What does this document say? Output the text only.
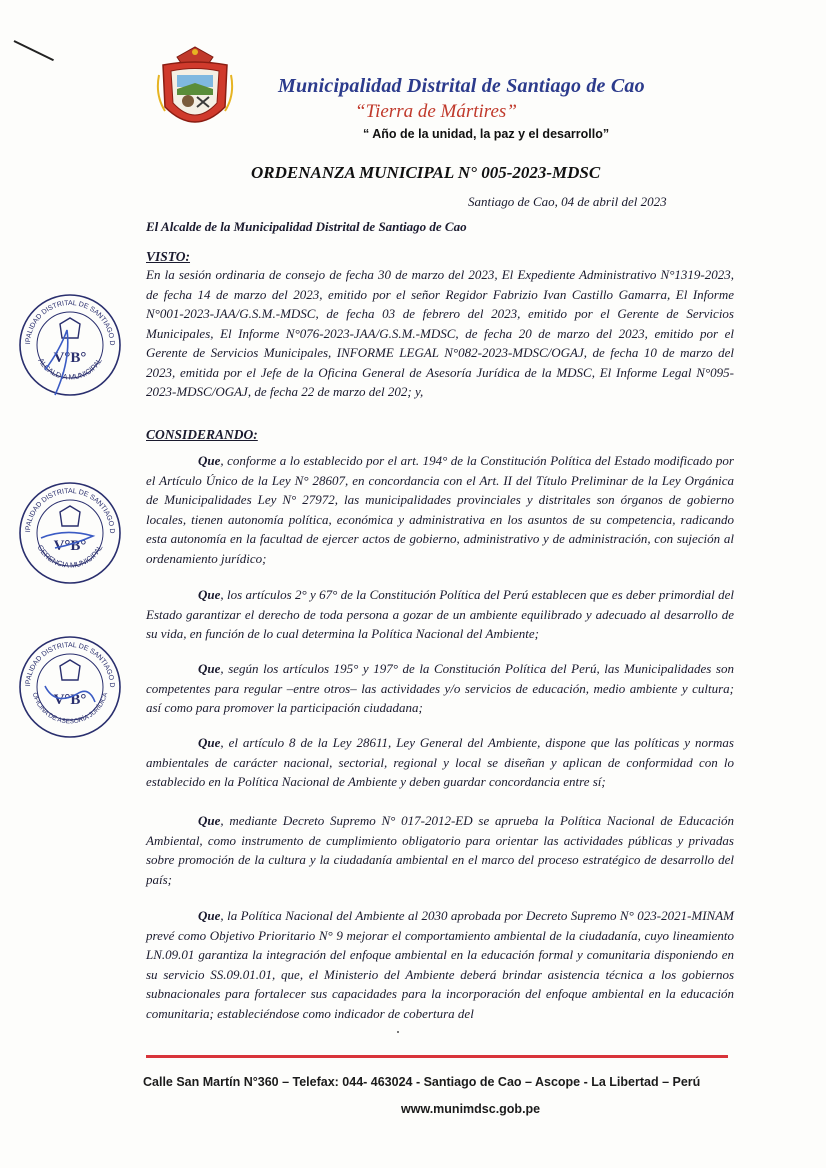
Municipalidad Distrital de Santiago de Cao
“Tierra de Mártires”
“ Año de la unidad, la paz y el desarrollo”
ORDENANZA MUNICIPAL N° 005-2023-MDSC
Santiago de Cao, 04 de abril del 2023
El Alcalde de la Municipalidad Distrital de Santiago de Cao
VISTO:

En la sesión ordinaria de consejo de fecha 30 de marzo del 2023, El Expediente Administrativo N°1319-2023, de fecha 14 de marzo del 2023, emitido por el señor Regidor Fabrizio Ivan Castillo Gamarra, El Informe N°001-2023-JAA/G.S.M.-MDSC, de fecha 03 de febrero del 2023, emitido por el Gerente de Servicios Municipales, El Informe N°076-2023-JAA/G.S.M.-MDSC, de fecha 20 de marzo del 2023, emitido por el Gerente de Servicios Municipales, INFORME LEGAL N°082-2023-MDSC/OGAJ, de fecha 10 de marzo del 2023, emitida por el Jefe de la Oficina General de Asesoría Jurídica de la MDSC, El Informe Legal N°095-2023-MDSC/OGAJ, de fecha 22 de marzo del 202; y,

CONSIDERANDO:

Que, conforme a lo establecido por el art. 194° de la Constitución Política del Estado modificado por el Artículo Único de la Ley N° 28607, en concordancia con el Art. II del Título Preliminar de la Ley Orgánica de Municipalidades Ley N° 27972, las municipalidades provinciales y distritales son órganos de gobierno locales, tienen autonomía política, económica y administrativa en los asuntos de su competencia, radicando esta autonomía en la facultad de ejercer actos de gobierno, administrativo y de administración, con sujeción al ordenamiento jurídico;

Que, los artículos 2° y 67° de la Constitución Política del Perú establecen que es deber primordial del Estado garantizar el derecho de toda persona a gozar de un ambiente equilibrado y adecuado al desarrollo de su vida, en función de lo cual determina la Política Nacional del Ambiente;

Que, según los artículos 195° y 197° de la Constitución Política del Perú, las Municipalidades son competentes para regular –entre otros– las actividades y/o servicios de educación, medio ambiente y cultura; así como para promover la participación ciudadana;

Que, el artículo 8 de la Ley 28611, Ley General del Ambiente, dispone que las políticas y normas ambientales de carácter nacional, sectorial, regional y local se diseñan y aplican de conformidad con lo establecido en la Política Nacional de Ambiente y deben guardar concordancia entre sí;

Que, mediante Decreto Supremo N° 017-2012-ED se aprueba la Política Nacional de Educación Ambiental, como instrumento de cumplimiento obligatorio para orientar las actividades públicas y privadas sobre promoción de la cultura y la ciudadanía ambiental en el marco del proceso estratégico de desarrollo del país;

Que, la Política Nacional del Ambiente al 2030 aprobada por Decreto Supremo N° 023-2021-MINAM prevé como Objetivo Prioritario N° 9 mejorar el comportamiento ambiental de la ciudadanía, cuyo lineamiento LN.09.01 garantiza la integración del enfoque ambiental en la educación formal y comunitaria disponiendo en su servicio SS.09.01.01, que, el Ministerio del Ambiente deberá brindar asistencia técnica a los gobiernos subnacionales para fortalecer sus capacidades para la incorporación del enfoque ambiental en la educación comunitaria; estableciéndose como indicador de cobertura del

IPALIDAD DISTRITAL DE SANTIAGO D
ALCALDÍA MUNICIPAL
V°B°
IPALIDAD DISTRITAL DE SANTIAGO D
GERENCIA MUNICIPAL
V°B°
IPALIDAD DISTRITAL DE SANTIAGO D
OFICINA DE ASESORÍA JURÍDICA
V°B°
Calle San Martín N°360 – Telefax: 044- 463024 - Santiago de Cao – Ascope - La Libertad – Perú
www.munimdsc.gob.pe
